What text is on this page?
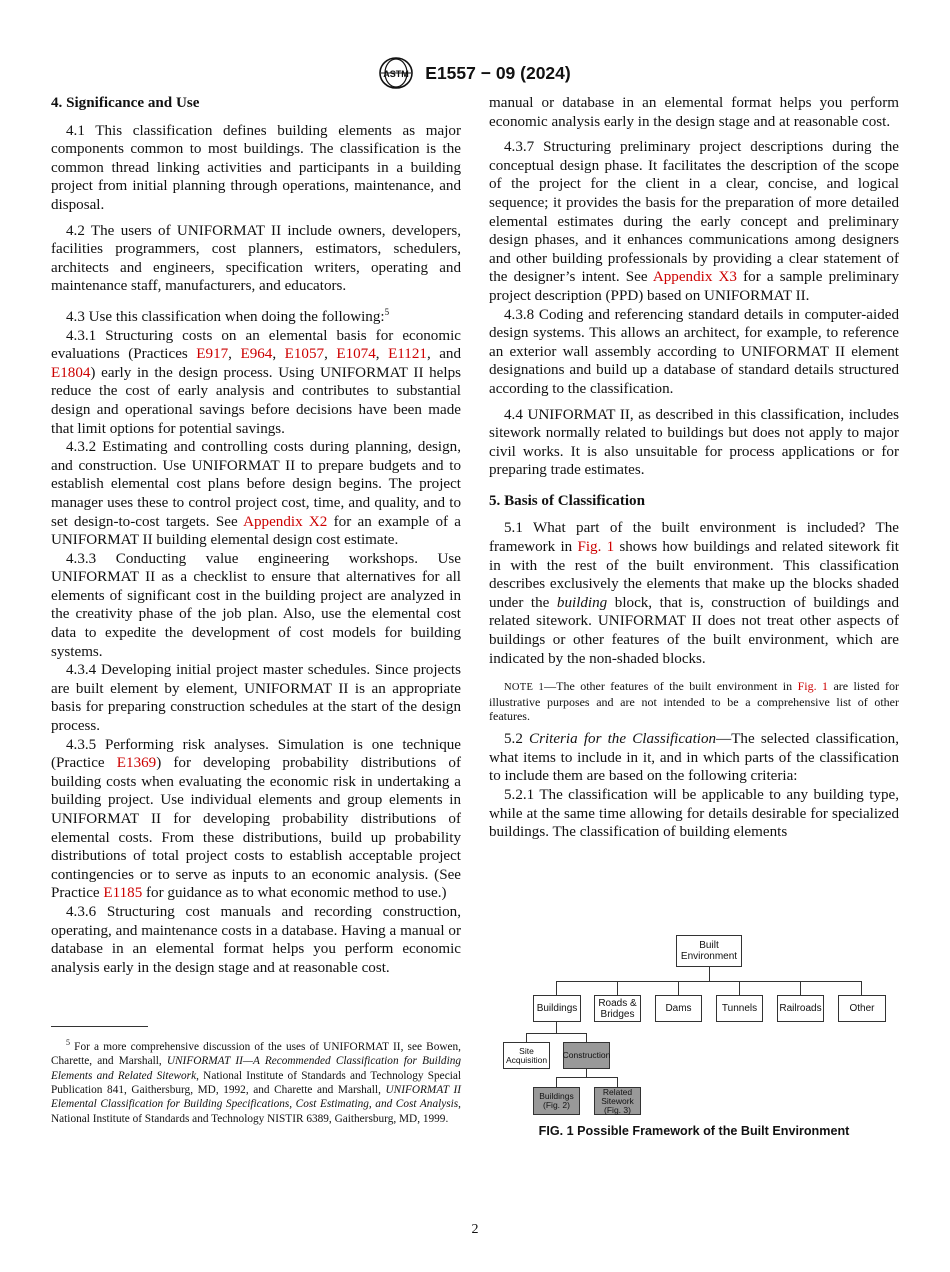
ASTM E1557 − 09 (2024)
4. Significance and Use

4.1 This classification defines building elements as major components common to most buildings. The classification is the common thread linking activities and participants in a building project from initial planning through operations, maintenance, and disposal.

4.2 The users of UNIFORMAT II include owners, developers, facilities programmers, cost planners, estimators, schedulers, architects and engineers, specification writers, operating and maintenance staff, manufacturers, and educators.

4.3 Use this classification when doing the following:$^5$

4.3.1 Structuring costs on an elemental basis for economic evaluations (Practices E917, E964, E1057, E1074, E1121, and E1804) early in the design process. Using UNIFORMAT II helps reduce the cost of early analysis and contributes to substantial design and operational savings before decisions have been made that limit options for potential savings.

4.3.2 Estimating and controlling costs during planning, design, and construction. Use UNIFORMAT II to prepare budgets and to establish elemental cost plans before design begins. The project manager uses these to control project cost, time, and quality, and to set design-to-cost targets. See Appendix X2 for an example of a UNIFORMAT II building elemental design cost estimate.

4.3.3 Conducting value engineering workshops. Use UNIFORMAT II as a checklist to ensure that alternatives for all elements of significant cost in the building project are analyzed in the creativity phase of the job plan. Also, use the elemental cost data to expedite the development of cost models for building systems.

4.3.4 Developing initial project master schedules. Since projects are built element by element, UNIFORMAT II is an appropriate basis for preparing construction schedules at the start of the design process.

4.3.5 Performing risk analyses. Simulation is one technique (Practice E1369) for developing probability distributions of building costs when evaluating the economic risk in undertaking a building project. Use individual elements and group elements in UNIFORMAT II for developing probability distributions of elemental costs. From these distributions, build up probability distributions of total project costs to establish acceptable project contingencies or to serve as inputs to an economic analysis. (See Practice E1185 for guidance as to what economic method to use.)

4.3.6 Structuring cost manuals and recording construction, operating, and maintenance costs in a database. Having a manual or database in an elemental format helps you perform economic analysis early in the design stage and at reasonable cost.

manual or database in an elemental format helps you perform economic analysis early in the design stage and at reasonable cost.

4.3.7 Structuring preliminary project descriptions during the conceptual design phase. It facilitates the description of the scope of the project for the client in a clear, concise, and logical sequence; it provides the basis for the preparation of more detailed elemental estimates during the early concept and preliminary design phases, and it enhances communications among designers and other building professionals by providing a clear statement of the designer’s intent. See Appendix X3 for a sample preliminary project description (PPD) based on UNIFORMAT II.

4.3.8 Coding and referencing standard details in computer-aided design systems. This allows an architect, for example, to reference an exterior wall assembly according to UNIFORMAT II element designations and build up a database of standard details structured according to the classification.

4.4 UNIFORMAT II, as described in this classification, includes sitework normally related to buildings but does not apply to major civil works. It is also unsuitable for process applications or for preparing trade estimates.

5. Basis of Classification

5.1 What part of the built environment is included? The framework in Fig. 1 shows how buildings and related sitework fit in with the rest of the built environment. This classification describes exclusively the elements that make up the blocks shaded under the building block, that is, construction of buildings and related sitework. UNIFORMAT II does not treat other aspects of buildings or other features of the built environment, which are indicated by the non-shaded blocks.

NOTE 1—The other features of the built environment in Fig. 1 are listed for illustrative purposes and are not intended to be a comprehensive list of other features.

5.2 Criteria for the Classification—The selected classification, what items to include in it, and in which parts of the classification to include them are based on the following criteria:

5.2.1 The classification will be applicable to any building type, while at the same time allowing for details desirable for specialized buildings. The classification of building elements

$^5$ For a more comprehensive discussion of the uses of UNIFORMAT II, see Bowen, Charette, and Marshall, UNIFORMAT II—A Recommended Classification for Building Elements and Related Sitework, National Institute of Standards and Technology Special Publication 841, Gaithersburg, MD, 1992, and Charette and Marshall, UNIFORMAT II Elemental Classification for Building Specifications, Cost Estimating, and Cost Analysis, National Institute of Standards and Technology NISTIR 6389, Gaithersburg, MD, 1999.

Built
Environment
Buildings Roads &
Bridges	Dams	Tunnels Railroads	Other
Site
Acquisition Construction
Buildings
(Fig. 2)
Related
Sitework
(Fig. 3)
FIG. 1 Possible Framework of the Built Environment
2
